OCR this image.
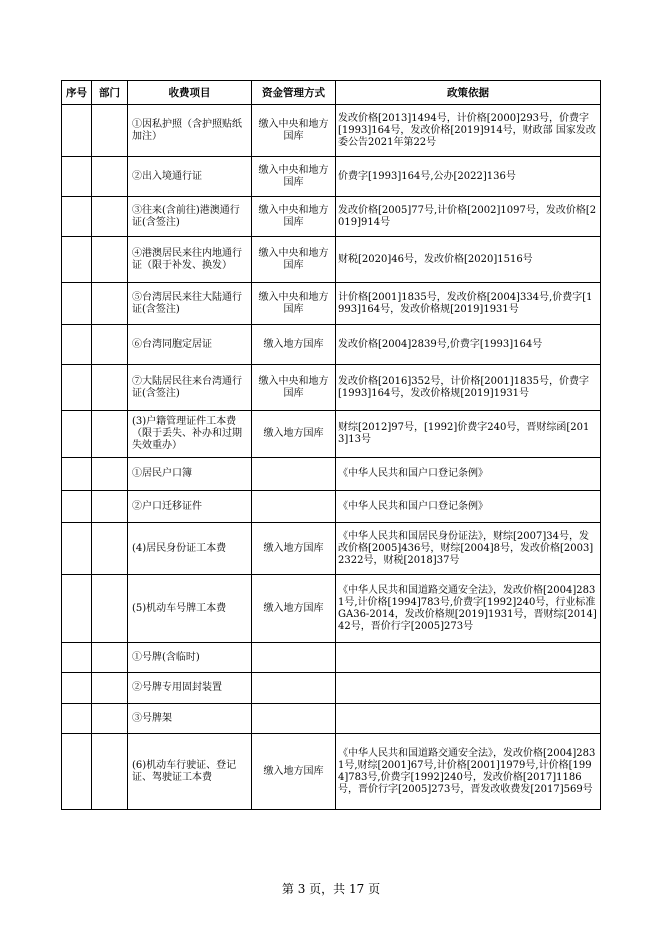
序号	部门	收费项目	资金管理方式	政策依据
		①因私护照（含护照贴纸加注）	缴入中央和地方国库	发改价格[2013]1494号，计价格[2000]293号，价费字[1993]164号，发改价格[2019]914号，财政部 国家发改委公告2021年第22号
		②出入境通行证	缴入中央和地方国库	价费字[1993]164号,公办[2022]136号
		③往来(含前往)港澳通行证(含签注)	缴入中央和地方国库	发改价格[2005]77号,计价格[2002]1097号，发改价格[2019]914号
		④港澳居民来往内地通行证（限于补发、换发）	缴入中央和地方国库	财税[2020]46号，发改价格[2020]1516号
		⑤台湾居民来往大陆通行证(含签注)	缴入中央和地方国库	计价格[2001]1835号，发改价格[2004]334号,价费字[1993]164号，发改价格规[2019]1931号
		⑥台湾同胞定居证	缴入地方国库	发改价格[2004]2839号,价费字[1993]164号
		⑦大陆居民往来台湾通行证(含签注)	缴入中央和地方国库	发改价格[2016]352号，计价格[2001]1835号，价费字[1993]164号，发改价格规[2019]1931号
		(3)户籍管理证件工本费（限于丢失、补办和过期失效重办）	缴入地方国库	财综[2012]97号，[1992]价费字240号，晋财综函[2013]13号
		①居民户口簿		《中华人民共和国户口登记条例》
		②户口迁移证件		《中华人民共和国户口登记条例》
		(4)居民身份证工本费	缴入地方国库	《中华人民共和国居民身份证法》，财综[2007]34号，发改价格[2005]436号，财综[2004]8号，发改价格[2003]2322号，财税[2018]37号
		(5)机动车号牌工本费	缴入地方国库	《中华人民共和国道路交通安全法》，发改价格[2004]2831号,计价格[1994]783号,价费字[1992]240号，行业标准GA36-2014，发改价格规[2019]1931号，晋财综[2014]42号，晋价行字[2005]273号
		①号牌(含临时)		
		②号牌专用固封装置		
		③号牌架		
		(6)机动车行驶证、登记证、驾驶证工本费	缴入地方国库	《中华人民共和国道路交通安全法》，发改价格[2004]2831号,财综[2001]67号,计价格[2001]1979号,计价格[1994]783号,价费字[1992]240号，发改价格[2017]1186号，晋价行字[2005]273号，晋发改收费发[2017]569号
第 3 页，共 17 页
